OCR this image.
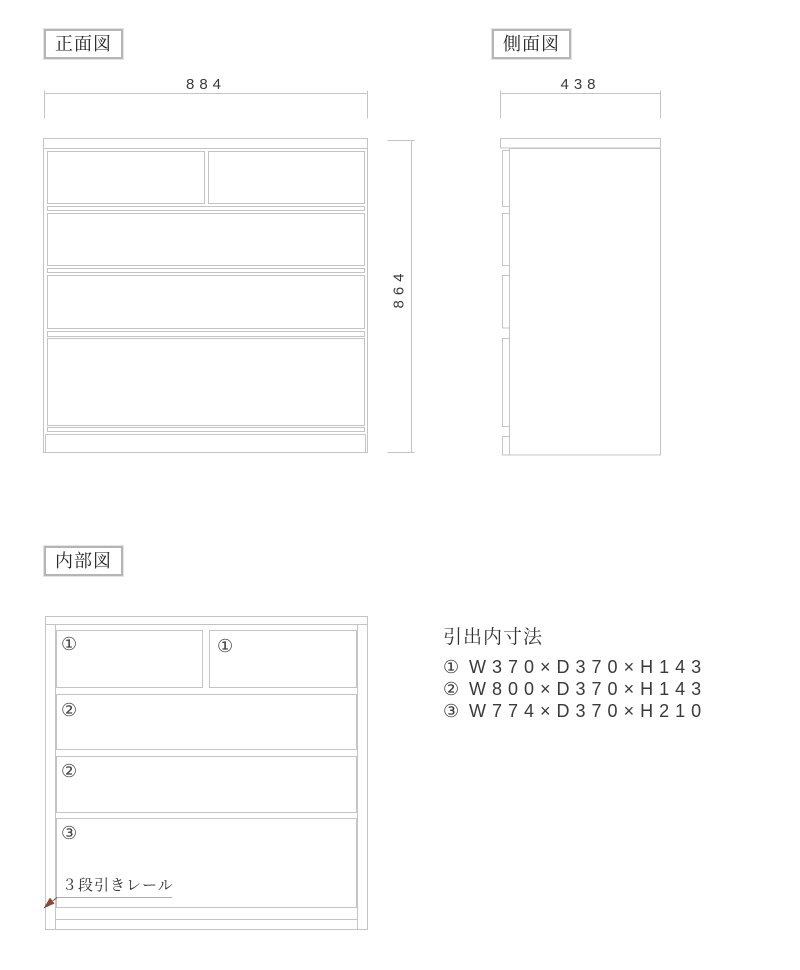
正面図	側面図
内部図
884	438
864
①	①
②
②
③
３段引きレール
引出内寸法
① W370×D370×H143
② W800×D370×H143
③ W774×D370×H210
